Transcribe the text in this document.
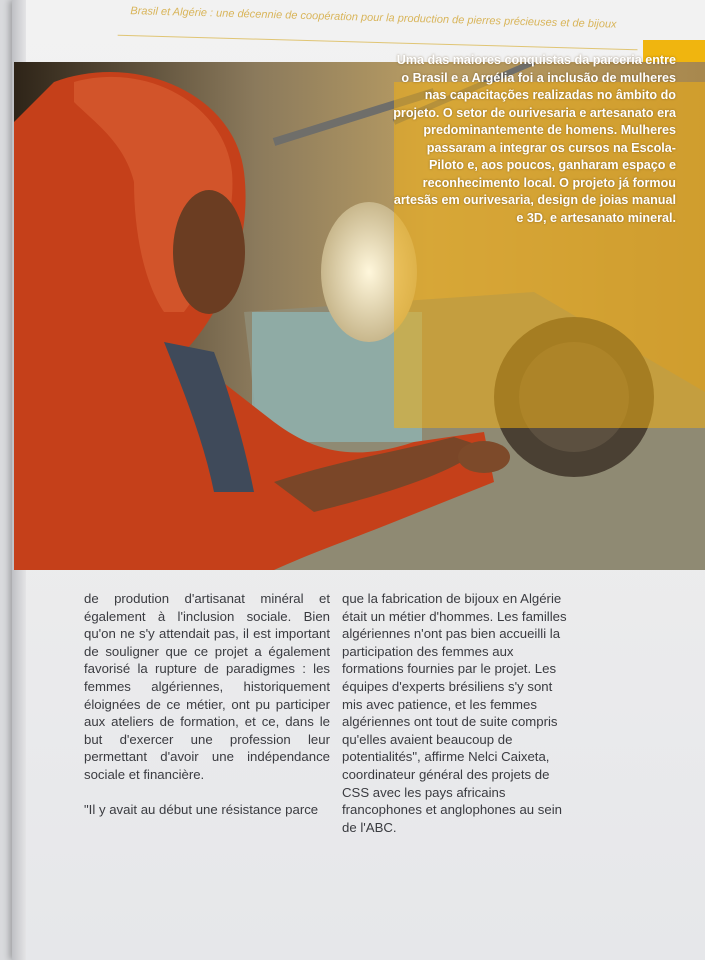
Brasil et Algérie : une décennie de coopération pour la production de pierres précieuses et de bijoux
Uma das maiores conquistas da parceria entre o Brasil e a Argélia foi a inclusão de mulheres nas capacitações realizadas no âmbito do projeto. O setor de ourivesaria e artesanato era predominantemente de homens. Mulheres passaram a integrar os cursos na Escola-Piloto e, aos poucos, ganharam espaço e reconhecimento local. O projeto já formou artesãs em ourivesaria, design de joias manual e 3D, e artesanato mineral.

de prodution d'artisanat minéral et également à l'inclusion sociale. Bien qu'on ne s'y attendait pas, il est important de souligner que ce projet a également favorisé la rupture de paradigmes : les femmes algériennes, historiquement éloignées de ce métier, ont pu participer aux ateliers de formation, et ce, dans le but d'exercer une profession leur permettant d'avoir une indépendance sociale et financière.

"Il y avait au début une résistance parce

que la fabrication de bijoux en Algérie était un métier d'hommes. Les familles algériennes n'ont pas bien accueilli la participation des femmes aux formations fournies par le projet. Les équipes d'experts brésiliens s'y sont mis avec patience, et les femmes algériennes ont tout de suite compris qu'elles avaient beaucoup de potentialités", affirme Nelci Caixeta, coordinateur général des projets de CSS avec les pays africains francophones et anglophones au sein de l'ABC.
